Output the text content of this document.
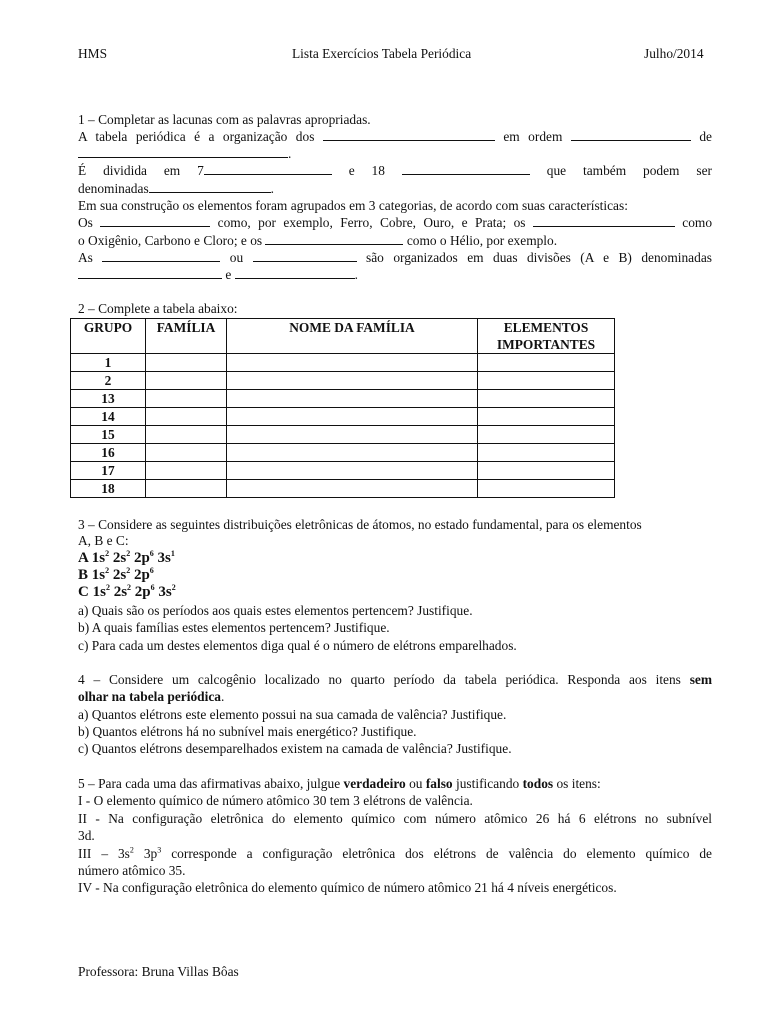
HMS	Lista Exercícios Tabela Periódica	Julho/2014
1 – Completar as lacunas com as palavras apropriadas.
A tabela periódica é a organização dos	em ordem	de
.
É dividida em 7	e 18	que também podem ser
denominadas	.
Em sua construção os elementos foram agrupados em 3 categorias, de acordo com suas características:
Os	como, por exemplo, Ferro, Cobre, Ouro, e Prata; os	como
o Oxigênio, Carbono e Cloro; e os	como o Hélio, por exemplo.
As	ou	são organizados em duas divisões (A e B) denominadas
e	.
2 – Complete a tabela abaixo:
GRUPO	FAMÍLIA	NOME DA FAMÍLIA	ELEMENTOS IMPORTANTES
1			
2			
13			
14			
15			
16			
17			
18			
3 – Considere as seguintes distribuições eletrônicas de átomos, no estado fundamental, para os elementos
A, B e C:
A $1s^2$ $2s^2$ $2p^6$ $3s^1$
B $1s^2$ $2s^2$ $2p^6$
C $1s^2$ $2s^2$ $2p^6$ $3s^2$
a) Quais são os períodos aos quais estes elementos pertencem? Justifique.
b) A quais famílias estes elementos pertencem? Justifique.
c) Para cada um destes elementos diga qual é o número de elétrons emparelhados.
4 – Considere um calcogênio localizado no quarto período da tabela periódica. Responda aos itens sem
olhar na tabela periódica.
a) Quantos elétrons este elemento possui na sua camada de valência? Justifique.
b) Quantos elétrons há no subnível mais energético? Justifique.
c) Quantos elétrons desemparelhados existem na camada de valência? Justifique.
5 – Para cada uma das afirmativas abaixo, julgue verdadeiro ou falso justificando todos os itens:
I - O elemento químico de número atômico 30 tem 3 elétrons de valência.
II - Na configuração eletrônica do elemento químico com número atômico 26 há 6 elétrons no subnível
3d.
III – $3s^2$ $3p^3$ corresponde a configuração eletrônica dos elétrons de valência do elemento químico de
número atômico 35.
IV - Na configuração eletrônica do elemento químico de número atômico 21 há 4 níveis energéticos.
Professora: Bruna Villas Bôas
